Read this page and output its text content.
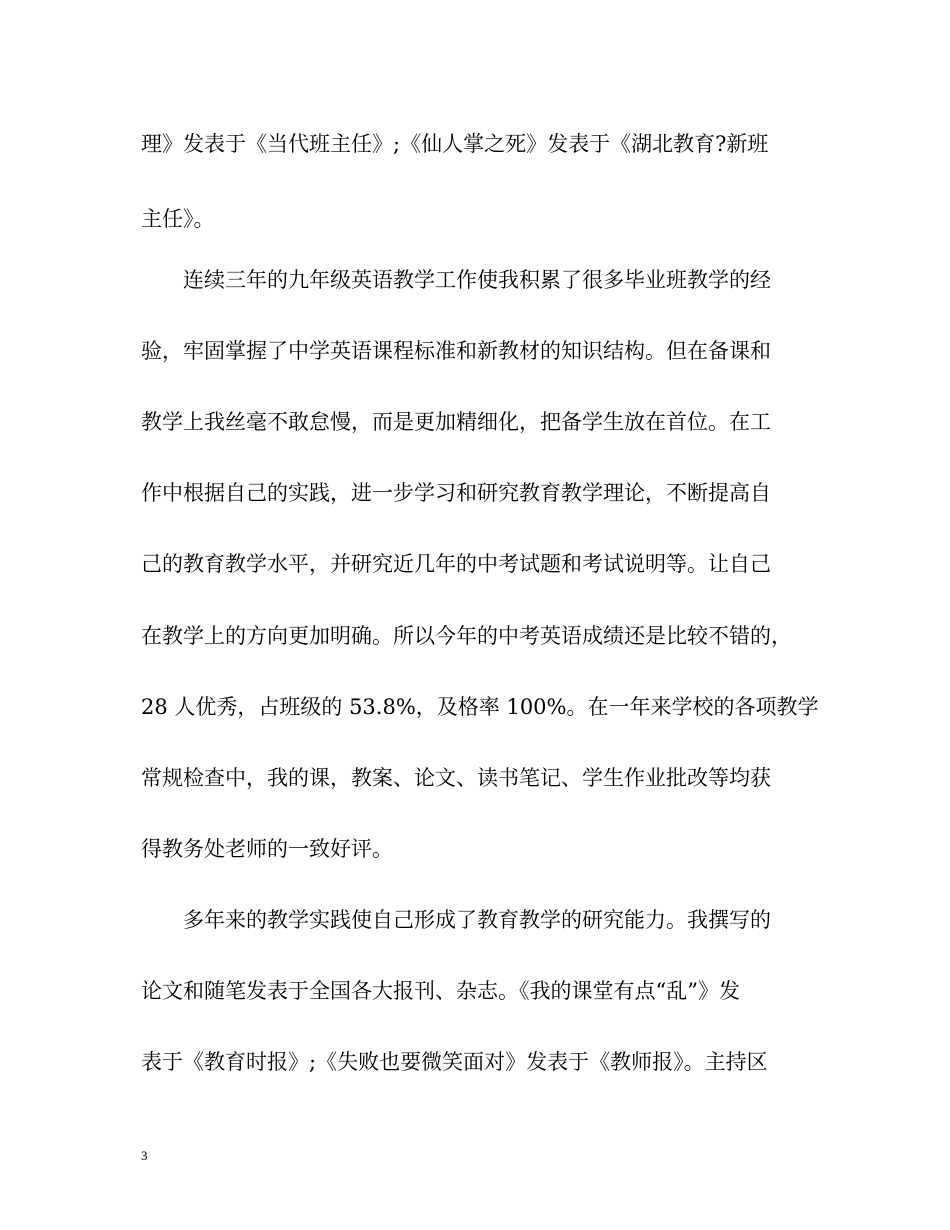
理》发表于《当代班主任》;《仙人掌之死》发表于《湖北教育?新班
主任》。
连续三年的九年级英语教学工作使我积累了很多毕业班教学的经
验，牢固掌握了中学英语课程标准和新教材的知识结构。但在备课和
教学上我丝毫不敢怠慢，而是更加精细化，把备学生放在首位。在工
作中根据自己的实践，进一步学习和研究教育教学理论，不断提高自
己的教育教学水平，并研究近几年的中考试题和考试说明等。让自己
在教学上的方向更加明确。所以今年的中考英语成绩还是比较不错的，
28 人优秀，占班级的 53.8%，及格率 100%。在一年来学校的各项教学
常规检查中，我的课，教案、论文、读书笔记、学生作业批改等均获
得教务处老师的一致好评。
多年来的教学实践使自己形成了教育教学的研究能力。我撰写的
论文和随笔发表于全国各大报刊、杂志。《我的课堂有点“乱”》发
表于《教育时报》;《失败也要微笑面对》发表于《教师报》。主持区
3
